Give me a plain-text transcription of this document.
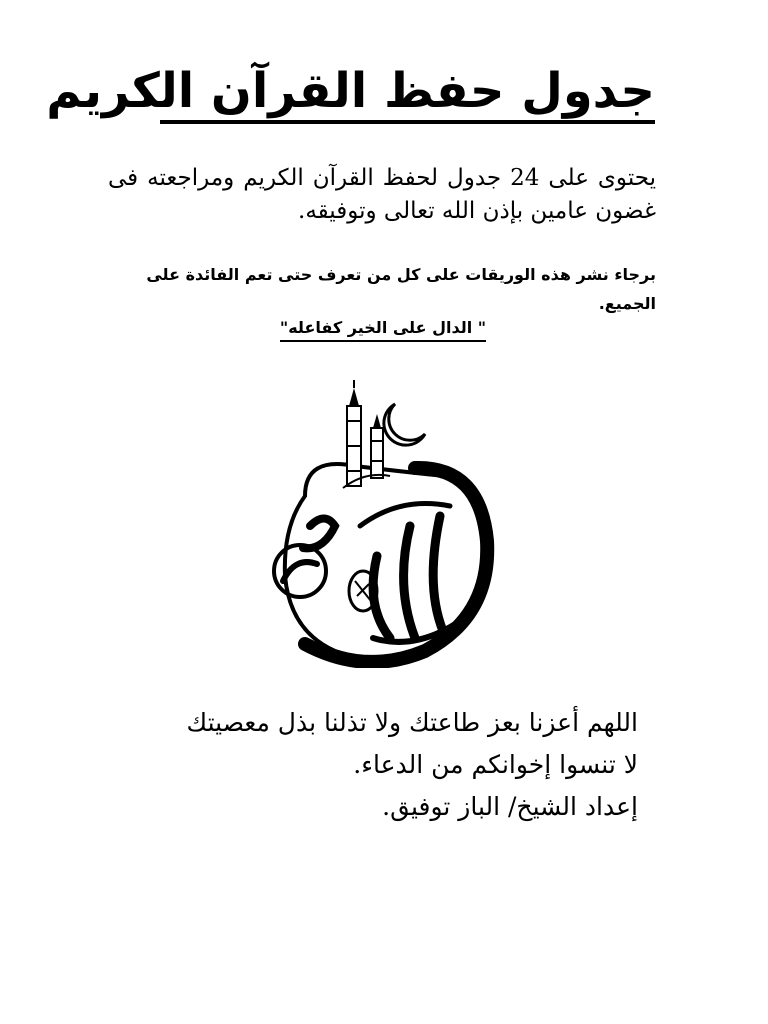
جدول حفظ القرآن الكريم
يحتوى على 24 جدول لحفظ القرآن الكريم ومراجعته فى غضون عامين بإذن الله تعالى وتوفيقه.
برجاء نشر هذه الوريقات على كل من تعرف حتى تعم الفائدة على الجميع.
" الدال على الخير كفاعله"
اللهم أعزنا بعز طاعتك ولا تذلنا بذل معصيتك
لا تنسوا إخوانكم من الدعاء.
إعداد الشيخ/ الباز توفيق.
